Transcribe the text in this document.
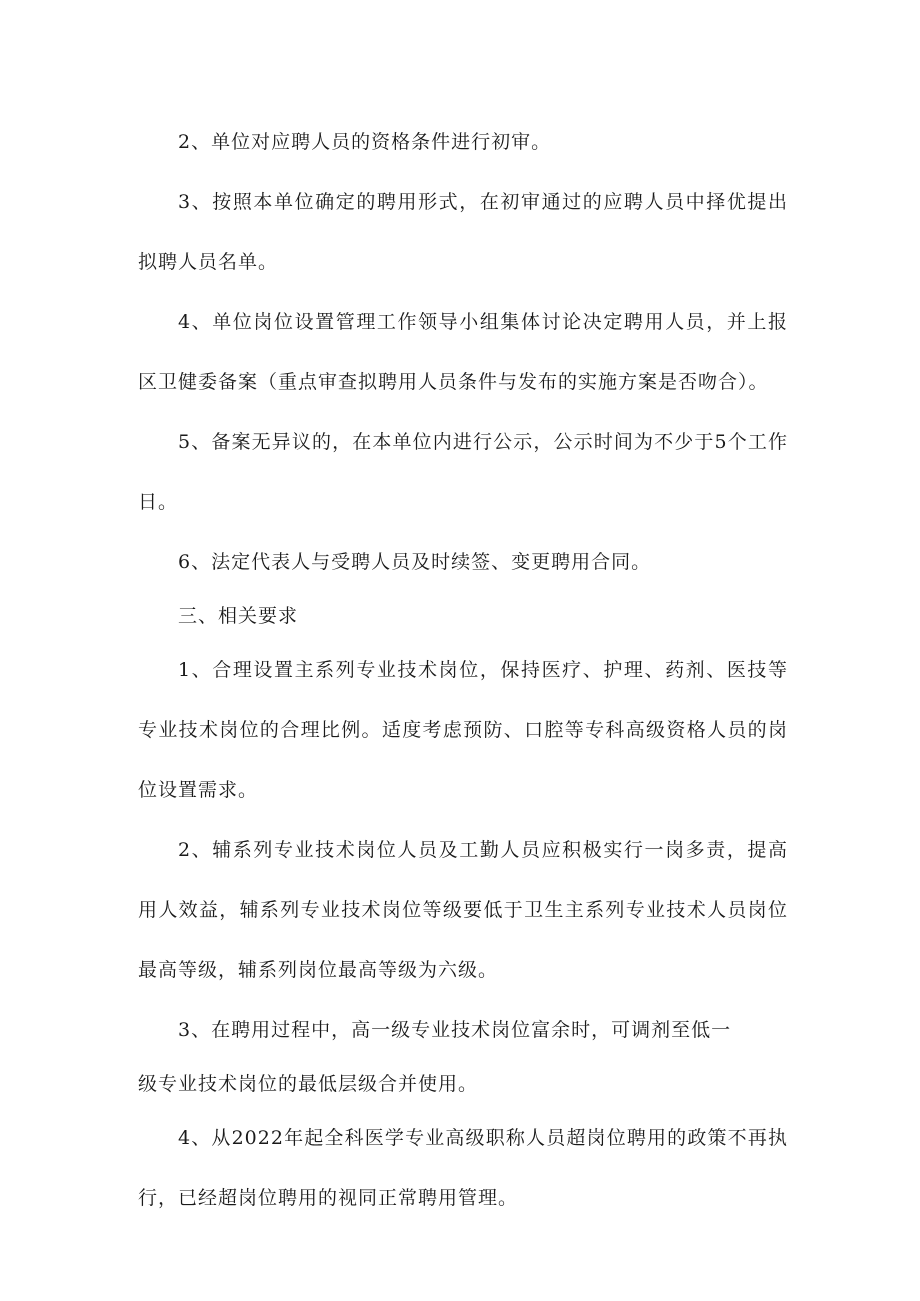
2、单位对应聘人员的资格条件进行初审。

3、按照本单位确定的聘用形式，在初审通过的应聘人员中择优提出拟聘人员名单。

4、单位岗位设置管理工作领导小组集体讨论决定聘用人员，并上报区卫健委备案（重点审查拟聘用人员条件与发布的实施方案是否吻合）。

5、备案无异议的，在本单位内进行公示，公示时间为不少于5个工作日。

6、法定代表人与受聘人员及时续签、变更聘用合同。

三、相关要求

1、合理设置主系列专业技术岗位，保持医疗、护理、药剂、医技等专业技术岗位的合理比例。适度考虑预防、口腔等专科高级资格人员的岗位设置需求。

2、辅系列专业技术岗位人员及工勤人员应积极实行一岗多责，提高用人效益，辅系列专业技术岗位等级要低于卫生主系列专业技术人员岗位最高等级，辅系列岗位最高等级为六级。

3、在聘用过程中，高一级专业技术岗位富余时，可调剂至低一

级专业技术岗位的最低层级合并使用。

4、从2022年起全科医学专业高级职称人员超岗位聘用的政策不再执行，已经超岗位聘用的视同正常聘用管理。
